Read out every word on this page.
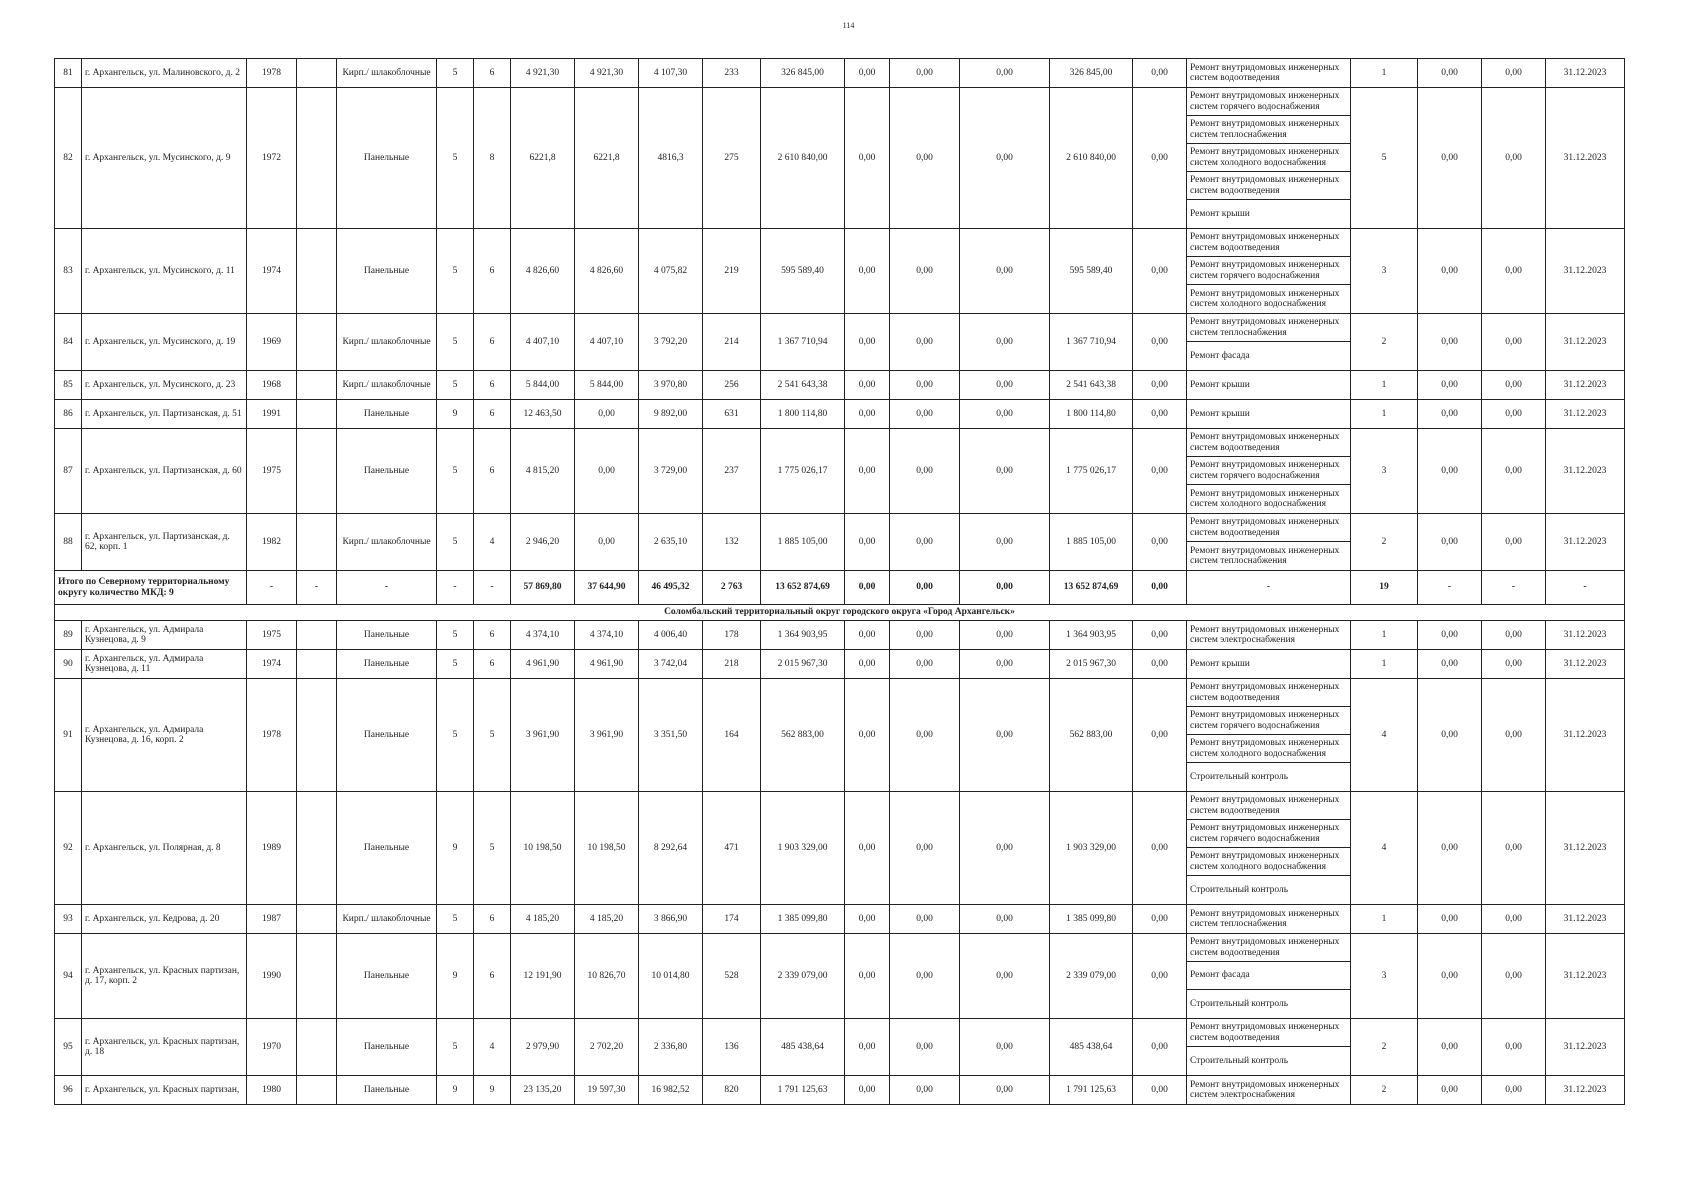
114
81	г. Архангельск, ул. Малиновского, д. 2	1978		Кирп./ шлакоблочные	5	6	4 921,30	4 921,30	4 107,30	233	326 845,00	0,00	0,00	0,00	326 845,00	0,00	Ремонт внутридомовых инженерных систем водоотведения	1	0,00	0,00	31.12.2023
82	г. Архангельск, ул. Мусинского, д. 9	1972		Панельные	5	8	6221,8	6221,8	4816,3	275	2 610 840,00	0,00	0,00	0,00	2 610 840,00	0,00	Ремонт внутридомовых инженерных систем горячего водоснабжения
Ремонт внутридомовых инженерных систем теплоснабжения
Ремонт внутридомовых инженерных систем холодного водоснабжения
Ремонт внутридомовых инженерных систем водоотведения
Ремонт крыши	5	0,00	0,00	31.12.2023
83	г. Архангельск, ул. Мусинского, д. 11	1974		Панельные	5	6	4 826,60	4 826,60	4 075,82	219	595 589,40	0,00	0,00	0,00	595 589,40	0,00	Ремонт внутридомовых инженерных систем водоотведения
Ремонт внутридомовых инженерных систем горячего водоснабжения
Ремонт внутридомовых инженерных систем холодного водоснабжения	3	0,00	0,00	31.12.2023
84	г. Архангельск, ул. Мусинского, д. 19	1969		Кирп./ шлакоблочные	5	6	4 407,10	4 407,10	3 792,20	214	1 367 710,94	0,00	0,00	0,00	1 367 710,94	0,00	Ремонт внутридомовых инженерных систем теплоснабжения
Ремонт фасада	2	0,00	0,00	31.12.2023
85	г. Архангельск, ул. Мусинского, д. 23	1968		Кирп./ шлакоблочные	5	6	5 844,00	5 844,00	3 970,80	256	2 541 643,38	0,00	0,00	0,00	2 541 643,38	0,00	Ремонт крыши	1	0,00	0,00	31.12.2023
86	г. Архангельск, ул. Партизанская, д. 51	1991		Панельные	9	6	12 463,50	0,00	9 892,00	631	1 800 114,80	0,00	0,00	0,00	1 800 114,80	0,00	Ремонт крыши	1	0,00	0,00	31.12.2023
87	г. Архангельск, ул. Партизанская, д. 60	1975		Панельные	5	6	4 815,20	0,00	3 729,00	237	1 775 026,17	0,00	0,00	0,00	1 775 026,17	0,00	Ремонт внутридомовых инженерных систем водоотведения
Ремонт внутридомовых инженерных систем горячего водоснабжения
Ремонт внутридомовых инженерных систем холодного водоснабжения	3	0,00	0,00	31.12.2023
88	г. Архангельск, ул. Партизанская, д. 62, корп. 1	1982		Кирп./ шлакоблочные	5	4	2 946,20	0,00	2 635,10	132	1 885 105,00	0,00	0,00	0,00	1 885 105,00	0,00	Ремонт внутридомовых инженерных систем водоотведения
Ремонт внутридомовых инженерных систем теплоснабжения	2	0,00	0,00	31.12.2023
Итого по Северному территориальному округу количество МКД: 9		-	-	-	-	-	57 869,80	37 644,90	46 495,32	2 763	13 652 874,69	0,00	0,00	0,00	13 652 874,69	0,00	-	19	-	-	-
Соломбальский территориальный округ городского округа «Город Архангельск»																					
89	г. Архангельск, ул. Адмирала Кузнецова, д. 9	1975		Панельные	5	6	4 374,10	4 374,10	4 006,40	178	1 364 903,95	0,00	0,00	0,00	1 364 903,95	0,00	Ремонт внутридомовых инженерных систем электроснабжения	1	0,00	0,00	31.12.2023
90	г. Архангельск, ул. Адмирала Кузнецова, д. 11	1974		Панельные	5	6	4 961,90	4 961,90	3 742,04	218	2 015 967,30	0,00	0,00	0,00	2 015 967,30	0,00	Ремонт крыши	1	0,00	0,00	31.12.2023
91	г. Архангельск, ул. Адмирала Кузнецова, д. 16, корп. 2	1978		Панельные	5	5	3 961,90	3 961,90	3 351,50	164	562 883,00	0,00	0,00	0,00	562 883,00	0,00	Ремонт внутридомовых инженерных систем водоотведения
Ремонт внутридомовых инженерных систем горячего водоснабжения
Ремонт внутридомовых инженерных систем холодного водоснабжения
Строительный контроль	4	0,00	0,00	31.12.2023
92	г. Архангельск, ул. Полярная, д. 8	1989		Панельные	9	5	10 198,50	10 198,50	8 292,64	471	1 903 329,00	0,00	0,00	0,00	1 903 329,00	0,00	Ремонт внутридомовых инженерных систем водоотведения
Ремонт внутридомовых инженерных систем горячего водоснабжения
Ремонт внутридомовых инженерных систем холодного водоснабжения
Строительный контроль	4	0,00	0,00	31.12.2023
93	г. Архангельск, ул. Кедрова, д. 20	1987		Кирп./ шлакоблочные	5	6	4 185,20	4 185,20	3 866,90	174	1 385 099,80	0,00	0,00	0,00	1 385 099,80	0,00	Ремонт внутридомовых инженерных систем теплоснабжения	1	0,00	0,00	31.12.2023
94	г. Архангельск, ул. Красных партизан, д. 17, корп. 2	1990		Панельные	9	6	12 191,90	10 826,70	10 014,80	528	2 339 079,00	0,00	0,00	0,00	2 339 079,00	0,00	Ремонт внутридомовых инженерных систем водоотведения
Ремонт фасада
Строительный контроль	3	0,00	0,00	31.12.2023
95	г. Архангельск, ул. Красных партизан, д. 18	1970		Панельные	5	4	2 979,90	2 702,20	2 336,80	136	485 438,64	0,00	0,00	0,00	485 438,64	0,00	Ремонт внутридомовых инженерных систем водоотведения
Строительный контроль	2	0,00	0,00	31.12.2023
96	г. Архангельск, ул. Красных партизан,	1980		Панельные	9	9	23 135,20	19 597,30	16 982,52	820	1 791 125,63	0,00	0,00	0,00	1 791 125,63	0,00	Ремонт внутридомовых инженерных систем электроснабжения	2	0,00	0,00	31.12.2023
